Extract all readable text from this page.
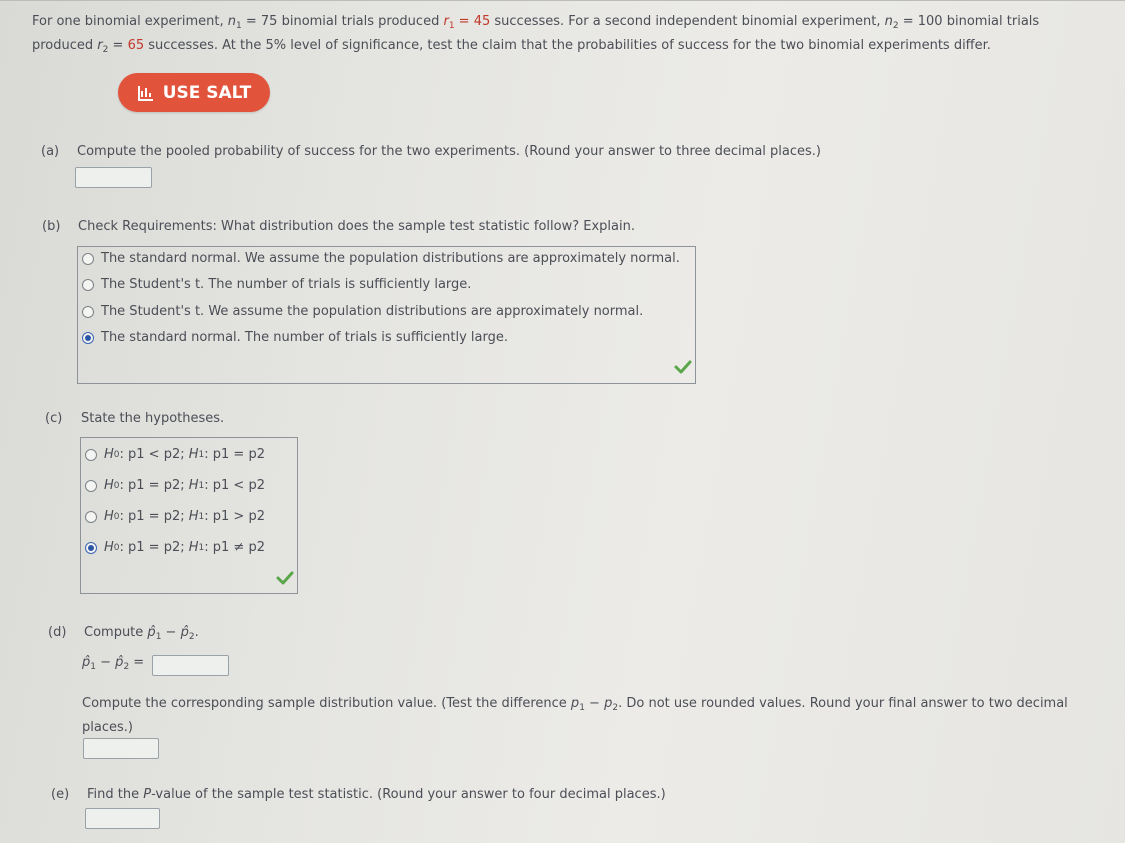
For one binomial experiment, $n_1 = 75$ binomial trials produced $r_1 = 45$ successes. For a second independent binomial experiment, $n_2 = 100$ binomial trials
produced $r_2 = 65$ successes. At the 5% level of significance, test the claim that the probabilities of success for the two binomial experiments differ.
USE SALT
(a) Compute the pooled probability of success for the two experiments. (Round your answer to three decimal places.)
(b) Check Requirements: What distribution does the sample test statistic follow? Explain.
The standard normal. We assume the population distributions are approximately normal.
The Student's t. The number of trials is sufficiently large.
The Student's t. We assume the population distributions are approximately normal.
The standard normal. The number of trials is sufficiently large.
(c) State the hypotheses.
H 0 : p1 < p2 ; H 1 : p1 = p2
H 0 : p1 = p2 ; H 1 : p1 < p2
H 0 : p1 = p2 ; H 1 : p1 > p2
H 0 : p1 = p2 ; H 1 : p1 ≠ p2
(d) Compute $p̂_1$ − $p̂_2$.
$p̂_1$ − $p̂_2$ =
Compute the corresponding sample distribution value. (Test the difference $p_1 - p_2$. Do not use rounded values. Round your final answer to two decimal
places.)
(e) Find the P-value of the sample test statistic. (Round your answer to four decimal places.)
